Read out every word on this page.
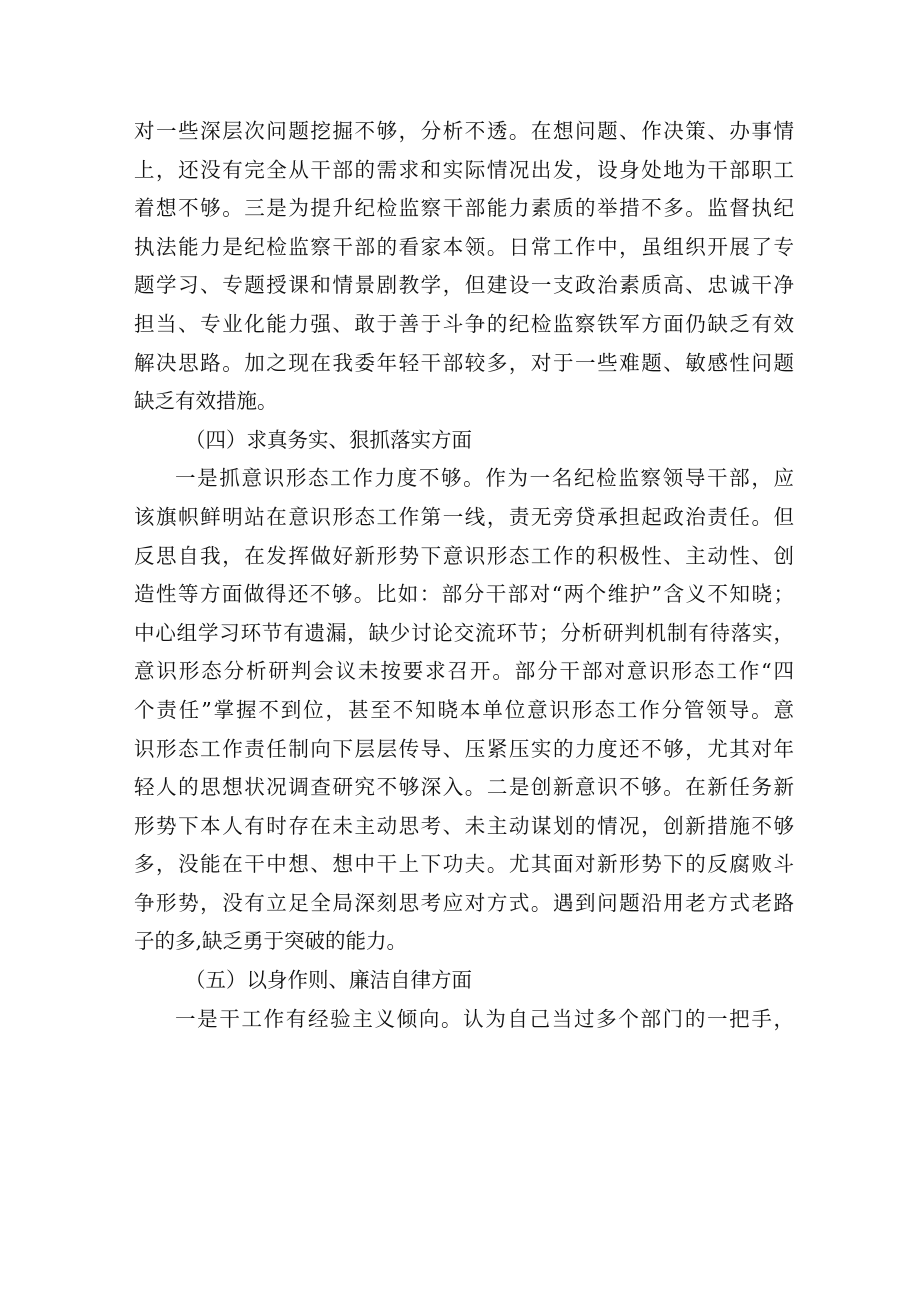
对一些深层次问题挖掘不够，分析不透。在想问题、作决策、办事情
上，还没有完全从干部的需求和实际情况出发，设身处地为干部职工
着想不够。三是为提升纪检监察干部能力素质的举措不多。监督执纪
执法能力是纪检监察干部的看家本领。日常工作中，虽组织开展了专
题学习、专题授课和情景剧教学，但建设一支政治素质高、忠诚干净
担当、专业化能力强、敢于善于斗争的纪检监察铁军方面仍缺乏有效
解决思路。加之现在我委年轻干部较多，对于一些难题、敏感性问题
缺乏有效措施。
（四）求真务实、狠抓落实方面
一是抓意识形态工作力度不够。作为一名纪检监察领导干部，应
该旗帜鲜明站在意识形态工作第一线，责无旁贷承担起政治责任。但
反思自我，在发挥做好新形势下意识形态工作的积极性、主动性、创
造性等方面做得还不够。比如：部分干部对“两个维护”含义不知晓；
中心组学习环节有遗漏，缺少讨论交流环节；分析研判机制有待落实，
意识形态分析研判会议未按要求召开。部分干部对意识形态工作“四
个责任”掌握不到位，甚至不知晓本单位意识形态工作分管领导。意
识形态工作责任制向下层层传导、压紧压实的力度还不够，尤其对年
轻人的思想状况调查研究不够深入。二是创新意识不够。在新任务新
形势下本人有时存在未主动思考、未主动谋划的情况，创新措施不够
多，没能在干中想、想中干上下功夫。尤其面对新形势下的反腐败斗
争形势，没有立足全局深刻思考应对方式。遇到问题沿用老方式老路
子的多,缺乏勇于突破的能力。
（五）以身作则、廉洁自律方面
一是干工作有经验主义倾向。认为自己当过多个部门的一把手，
